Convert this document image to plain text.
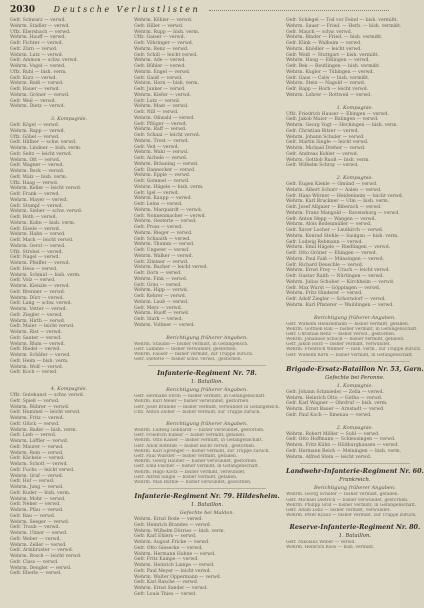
2030 Deutsche Verlustlisten
Gefr. Schwarz — verwd.
Wehrm. Stadler — verwd.
Uffz. Ebersbach — verwd.
Wehrm. Hauff — verwd.
Gefr. Fichter — verwd.
Gefr. Zürn — verwd.
Wehrm. Lutz — verwd.
Gefr. Ammon — schw. verwd.
Wehrm. Vogel — verwd.
Uffz. Ruhl — bish. verm.
Gefr. Kurz — verwd.
Wehrm. Reiß — verwd.
Gefr. Bauer — verwd.
Wehrm. Gröner — verwd.
Gefr. Weil — verwd.
Wehrm. Dietz — verwd.
3. Kompagnie.
Gefr. Kögel — verwd.
Wehrm. Rapp — verwd.
Uffz. Göbel — verwd.
Gefr. Häfner — schw. verwd.
Wehrm. Lindner — bish. verm.
Gefr. Seitz — leicht verwd.
Wehrm. Ott — verwd.
Gefr. Wagner — verwd.
Wehrm. Beck — verwd.
Gefr. Walz — bish. verm.
Uffz. Haag — verwd.
Wehrm. Keller — leicht verwd.
Gefr. Frank — verwd.
Wehrm. Mayer — verwd.
Gefr. Stumpf — verwd.
Wehrm. Sieber — schw. verwd.
Gefr. Roth — verwd.
Wehrm. Kuhn — bish. verm.
Gefr. Eisele — verwd.
Wehrm. Hahn — verwd.
Gefr. Mack — leicht verwd.
Wehrm. Gerst — verwd.
Uffz. Strobel — verwd.
Gefr. Nagel — verwd.
Wehrm. Pfeiffer — verwd.
Gefr. Hess — verwd.
Wehrm. Schmid — bish. verm.
Gefr. Volz — verwd.
Wehrm. Kienzle — verwd.
Gefr. Brenner — verwd.
Wehrm. Dürr — verwd.
Gefr. Lang — schw. verwd.
Wehrm. Vetter — verwd.
Gefr. Ziegler — verwd.
Wehrm. Hirth — verwd.
Gefr. Maier — leicht verwd.
Wehrm. Rist — verwd.
Gefr. Sauter — verwd.
Wehrm. Blum — verwd.
Gefr. Riedel — verwd.
Wehrm. Schäfer — verwd.
Gefr. Heim — bish. verm.
Wehrm. Wolf — verwd.
Gefr. Koch — verwd.
4. Kompagnie.
Uffz. Gutekunst — schw. verwd.
Gefr. Spieß — verwd.
Wehrm. Bührer — verwd.
Gefr. Hummel — leicht verwd.
Wehrm. Fritz — verwd.
Gefr. Glück — verwd.
Wehrm. Bader — bish. verm.
Gefr. Lieb — verwd.
Wehrm. Löffler — verwd.
Gefr. Maurer — verwd.
Wehrm. Rein — verwd.
Gefr. Kächele — verwd.
Wehrm. Schott — verwd.
Gefr. Fuchs — leicht verwd.
Wehrm. Graf — verwd.
Gefr. Hof — verwd.
Wehrm. Jung — verwd.
Gefr. Kuder — bish. verm.
Wehrm. Mohr — verwd.
Gefr. Neher — verwd.
Wehrm. Pfau — verwd.
Gefr. Rau — verwd.
Wehrm. Seeger — verwd.
Gefr. Traub — verwd.
Wehrm. Ulmer — verwd.
Gefr. Weber — verwd.
Wehrm. Zeller — verwd.
Gefr. Armbruster — verwd.
Wehrm. Bosch — leicht verwd.
Gefr. Class — verwd.
Wehrm. Dengler — verwd.
Gefr. Eberle — verwd.
Wehrm. Köhler — verwd.
Gefr. Hiller — verwd.
Wehrm. Rupp — bish. verm.
Uffz. Gaiser — verwd.
Gefr. Vöhringer — verwd.
Wehrm. Renz — verwd.
Gefr. Schill — leicht verwd.
Wehrm. Ade — verwd.
Gefr. Bühler — verwd.
Wehrm. Engel — verwd.
Gefr. Gauß — verwd.
Wehrm. Horn — bish. verm.
Gefr. Junker — verwd.
Wehrm. Kiefer — verwd.
Gefr. Lutz — verwd.
Wehrm. Mast — verwd.
Gefr. Nill — verwd.
Wehrm. Oßwald — verwd.
Gefr. Pflüger — verwd.
Wehrm. Raff — verwd.
Gefr. Schaal — leicht verwd.
Wehrm. Trost — verwd.
Gefr. Veit — verwd.
Wehrm. Wahl — verwd.
Gefr. Aichele — verwd.
Wehrm. Bräuning — verwd.
Gefr. Dannecker — verwd.
Wehrm. Epple — verwd.
Gefr. Gommel — verwd.
Wehrm. Hägele — bish. verm.
Gefr. Igel — verwd.
Wehrm. Kaupp — verwd.
Gefr. Leins — verwd.
Wehrm. Marquardt — verwd.
Gefr. Nonnenmacher — verwd.
Wehrm. Oesterle — verwd.
Gefr. Pross — verwd.
Wehrm. Rieger — verwd.
Gefr. Schnaith — verwd.
Wehrm. Thumm — verwd.
Gefr. Ungerer — verwd.
Wehrm. Walker — verwd.
Gefr. Zimmer — verwd.
Wehrm. Bacher — leicht verwd.
Gefr. Dorn — verwd.
Wehrm. Fink — verwd.
Gefr. Grau — verwd.
Wehrm. Hipp — verwd.
Gefr. Kehrer — verwd.
Wehrm. Laub — verwd.
Gefr. Merz — verwd.
Wehrm. Ruoff — verwd.
Gefr. Stark — verwd.
Wehrm. Vollmer — verwd.
Berichtigung früherer Angaben.
Wehrm. Stäudle — bisher vermißt, in Gefangensch.
Gefr. Lämmle — bisher verwundet, gestorben.
Wehrm. Fauser — bisher vermißt, zur Truppe zurück.
Gefr. Dieterle — bisher schw. verwd., gestorben.
Infanterie-Regiment Nr. 78.
1. Bataillon.
Berichtigung früherer Angaben.
Gefr. Hermann Stroh — bisher vermißt, in Gefangenschaft.
Wehrm. Karl Meier — bisher verwundet, gestorben.
Gefr. Josef Brändle — bisher vermißt, verwundet in Gefangensch.
Uffz. Anton Zeiher — bisher vermißt, zur Truppe zurück.
Berichtigung früherer Angaben.
Wehrm. Ludwig Gebhardt — bisher verwundet, gestorben.
Gefr. Friedrich Kübler — bisher vermißt, gefallen.
Wehrm. Otto Kaiser — bisher vermißt, in Gefangenschaft.
Gefr. Adolf Rothfuß — bisher leicht verwd., gestorben.
Wehrm. Karl Sprenger — bisher vermißt, zur Truppe zurück.
Gefr. Paul Wurster — bisher vermißt, gefallen.
Wehrm. Georg Hauber — bisher verwundet, gestorben.
Gefr. Emil Fischer — bisher vermißt, in Gefangenschaft.
Wehrm. Hugo Klotz — bisher vermißt, verwundet.
Gefr. Alfred Single — bisher vermißt, gefallen.
Wehrm. Max Bürkle — bisher verwundet, gestorben.
Infanterie-Regiment Nr. 79. Hildesheim.
1. Bataillon.
Gefechte bei Maldon.
Wehrm. Ernst Bode — verwd.
Gefr. Heinrich Brandes — verwd.
Wehrm. Wilhelm Dörries — bish. verm.
Gefr. Karl Ehlers — verwd.
Wehrm. August Fricke — verwd.
Gefr. Otto Giesecke — verwd.
Wehrm. Hermann Hahne — verwd.
Gefr. Fritz Kampe — verwd.
Wehrm. Heinrich Lampe — verwd.
Gefr. Paul Meyer — leicht verwd.
Wehrm. Walter Oppermann — verwd.
Gefr. Karl Rasche — verwd.
Wehrm. Ernst Sander — verwd.
Gefr. Louis Thies — verwd.
Gefr. Schlegel — Tod vor Feind — bish. vermißt.
Wehrm. Sauer — Fried. — Herb. — bish. vermißt.
Gefr. Mauch — schw. verwd.
Wehrm. Binder — Fried. — bish. vermißt.
Gefr. Klink — Walheim — verwd.
Wehrm. Knödler — leicht verwd.
Gefr. Weiß — Stuttgart — bish. vermißt.
Wehrm. Haug — Eßlingen — verwd.
Gefr. Bek — Reutlingen — bish. vermißt.
Wehrm. Kugler — Tübingen — verwd.
Gefr. Gaus — Calw — bish. vermißt.
Wehrm. Stein — Nagold — verwd.
Gefr. Rapp — Horb — leicht verwd.
Wehrm. Lohrer — Rottweil — verwd.
1. Kompagnie.
Uffz. Friedrich Hauser — Ebingen — verwd.
Gefr. Jakob Maier — Balingen — verwd.
Wehrm. Georg Vogt — Hechingen — bish. verm.
Gefr. Christian Bitzer — verwd.
Wehrm. Johann Schuler — verwd.
Gefr. Martin Single — leicht verwd.
Wehrm. Michael Dreher — verwd.
Gefr. Andreas Kohler — verwd.
Wehrm. Gottlob Ruoß — bish. verm.
Gefr. Wilhelm Schray — verwd.
2. Kompagnie.
Gefr. Eugen Kienle — Gmünd — verwd.
Wehrm. Albert Schurr — Aalen — verwd.
Gefr. Hans Wörner — Heidenheim — leicht verwd.
Wehrm. Karl Bruckner — Ulm — bish. verm.
Gefr. Josef Allgaier — Biberach — verwd.
Wehrm. Franz Mangold — Ravensburg — verwd.
Gefr. Anton Hepp — Wangen — verwd.
Wehrm. Alois Bodenmüller — verwd.
Gefr. Xaver Locher — Leutkirch — verwd.
Wehrm. Konrad Stehle — Saulgau — bish. verm.
Gefr. Ludwig Rebmann — verwd.
Wehrm. Emil Hägele — Riedlingen — verwd.
Gefr. Otto Gröner — Ehingen — verwd.
Wehrm. Paul Faiß — Münsingen — verwd.
Gefr. Richard Deuschle — verwd.
Wehrm. Ernst Frey — Urach — leicht verwd.
Gefr. Gustav Raith — Nürtingen — verwd.
Wehrm. Julius Schober — Kirchheim — verwd.
Gefr. Max Wurst — Göppingen — verwd.
Wehrm. Fritz Hinderer — verwd.
Gefr. Adolf Ziegler — Schorndorf — verwd.
Wehrm. Karl Pfisterer — Waiblingen — verwd.
Berichtigung früherer Angaben.
Gefr. Wilhelm Heinzelmann — bisher vermißt, gefallen.
Wehrm. Gottlieb Rall — bisher vermißt, in Gefangenschaft.
Gefr. Christian Benz — bisher verwd., gestorben.
Wehrm. Johannes Schöck — bisher vermißt, gefallen.
Gefr. Jakob Hörz — bisher vermißt, verwundet.
Wehrm. Friedrich Wanner — bish. verm., zur Truppe zurück.
Gefr. Wilhelm Kern — bisher vermißt, in Gefangenschaft.
Brigade-Ersatz-Bataillon Nr. 53, Garn.
Gefechte bei Peronne.
1. Kompagnie.
Gefr. Johann Schmieder — Zella — verwd.
Wehrm. Heinrich Otto — Gotha — verwd.
Gefr. Karl Wagner — Ohrdruf — bish. verm.
Wehrm. Ernst Bauer — Arnstadt — verwd.
Gefr. Paul Koch — Ilmenau — verwd.
2. Kompagnie.
Wehrm. Robert Möller — Suhl — verwd.
Gefr. Otto Hoffmann — Schleusingen — verwd.
Wehrm. Fritz Kühn — Hildburghausen — verwd.
Gefr. Hermann Reich — Meiningen — bish. verm.
Wehrm. Alfred Stein — leicht verwd.
Landwehr-Infanterie-Regiment Nr. 60.
Frankreich.
Berichtigung früherer Angaben.
Wehrm. Georg Schäfer — bisher vermißt, gefallen.
Gefr. Michael Dietrich — bisher verwundet, gestorben.
Wehrm. Philipp Graf — bisher vermißt, in Gefangenschaft.
Gefr. Adam Lenz — bisher vermißt, verwundet.
Wehrm. Peter Kraus — bisher vermißt, zur Truppe zurück.
Reserve-Infanterie-Regiment Nr. 80.
1. Bataillon.
Gefr. Nikolaus Weber — verwd.
Wehrm. Heinrich Roos — bish. vermißt.
